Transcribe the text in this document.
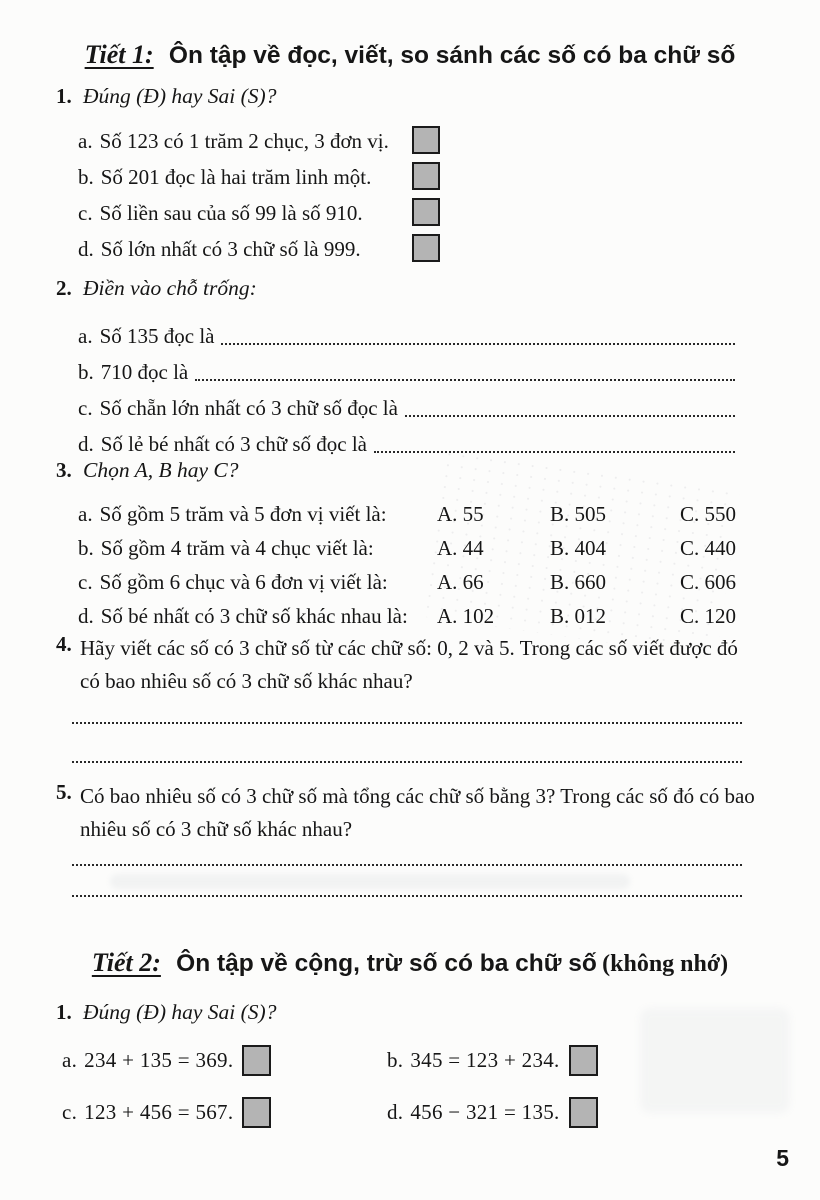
Tiết 1: Ôn tập về đọc, viết, so sánh các số có ba chữ số
1. Đúng (Đ) hay Sai (S)?
a. Số 123 có 1 trăm 2 chục, 3 đơn vị.
b. Số 201 đọc là hai trăm linh một.
c. Số liền sau của số 99 là số 910.
d. Số lớn nhất có 3 chữ số là 999.
2. Điền vào chỗ trống:
a. Số 135 đọc là
b. 710 đọc là
c. Số chẵn lớn nhất có 3 chữ số đọc là
d. Số lẻ bé nhất có 3 chữ số đọc là
3. Chọn A, B hay C?
a. Số gồm 5 trăm và 5 đơn vị viết là:	A. 55	B. 505	C. 550
b. Số gồm 4 trăm và 4 chục viết là:	A. 44	B. 404	C. 440
c. Số gồm 6 chục và 6 đơn vị viết là:	A. 66	B. 660	C. 606
d. Số bé nhất có 3 chữ số khác nhau là:	A. 102	B. 012	C. 120
4. Hãy viết các số có 3 chữ số từ các chữ số: 0, 2 và 5. Trong các số viết được đó có bao nhiêu số có 3 chữ số khác nhau?

5. Có bao nhiêu số có 3 chữ số mà tổng các chữ số bằng 3? Trong các số đó có bao nhiêu số có 3 chữ số khác nhau?

Tiết 2: Ôn tập về cộng, trừ số có ba chữ số (không nhớ)
1. Đúng (Đ) hay Sai (S)?
a. 234 + 135 = 369.	b. 345 = 123 + 234.
c. 123 + 456 = 567.	d. 456 − 321 = 135.
5
